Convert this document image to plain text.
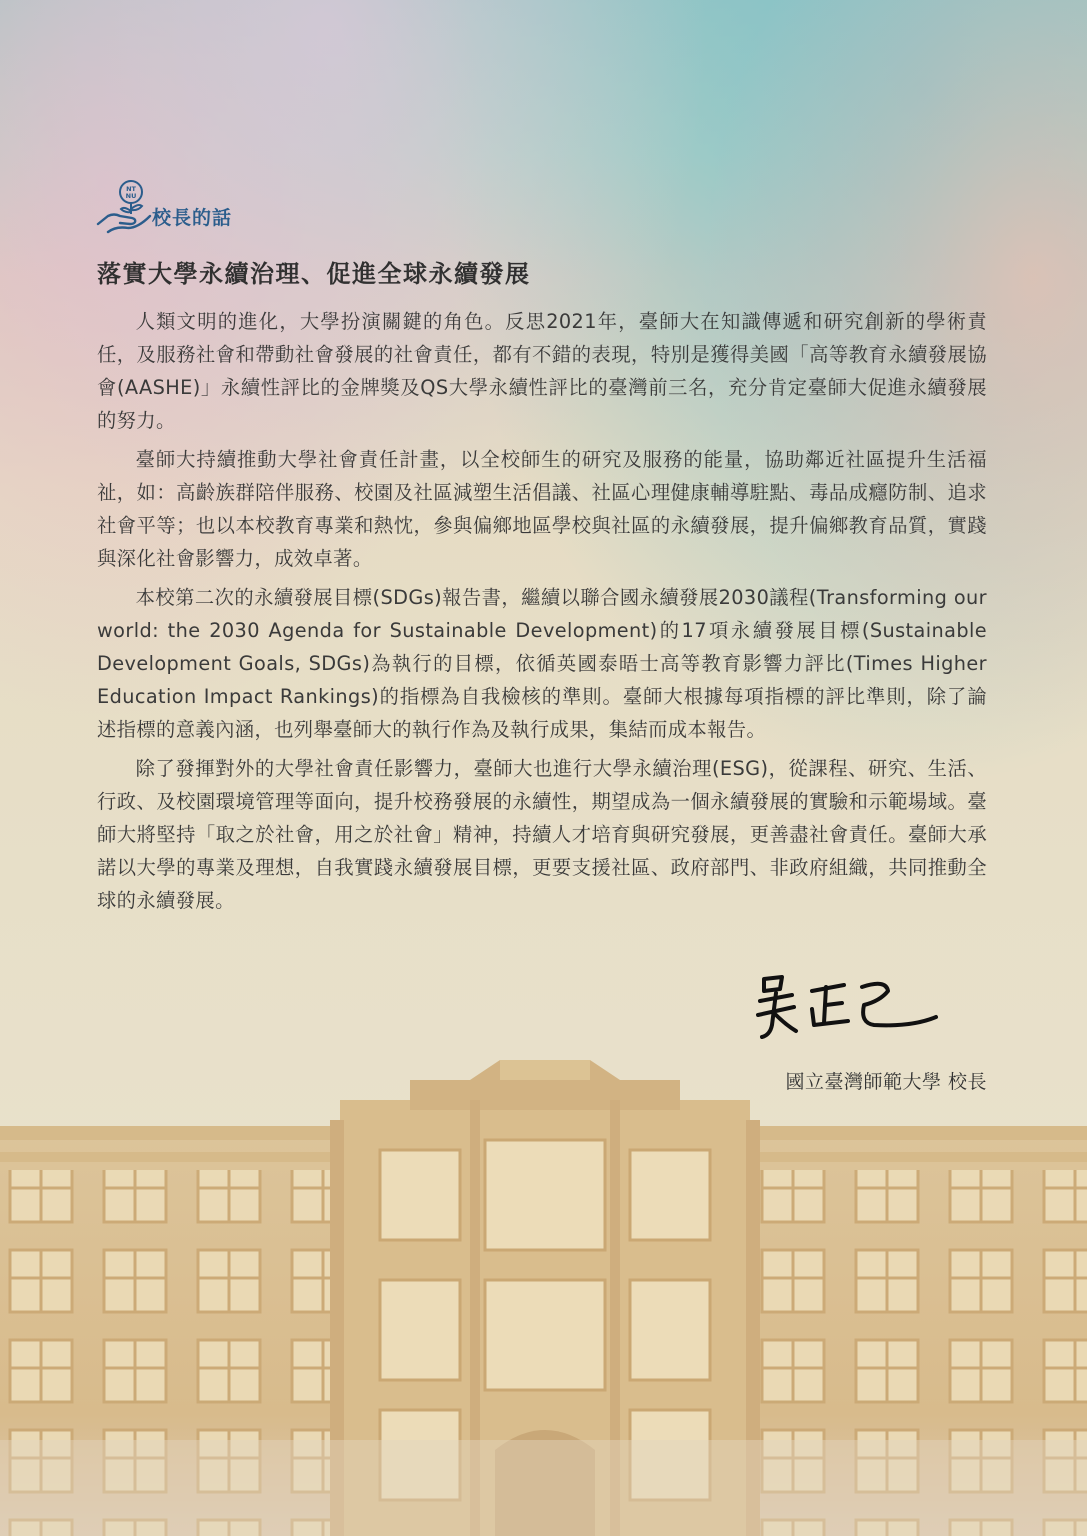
NT
NU
校長的話
落實大學永續治理、促進全球永續發展

人類文明的進化，大學扮演關鍵的角色。反思2021年，臺師大在知識傳遞和研究創新的學術責任，及服務社會和帶動社會發展的社會責任，都有不錯的表現，特別是獲得美國「高等教育永續發展協會(AASHE)」永續性評比的金牌獎及QS大學永續性評比的臺灣前三名，充分肯定臺師大促進永續發展的努力。

臺師大持續推動大學社會責任計畫，以全校師生的研究及服務的能量，協助鄰近社區提升生活福祉，如：高齡族群陪伴服務、校園及社區減塑生活倡議、社區心理健康輔導駐點、毒品成癮防制、追求社會平等；也以本校教育專業和熱忱，參與偏鄉地區學校與社區的永續發展，提升偏鄉教育品質，實踐與深化社會影響力，成效卓著。

本校第二次的永續發展目標(SDGs)報告書，繼續以聯合國永續發展2030議程(Transforming our world: the 2030 Agenda for Sustainable Development)的17項永續發展目標(Sustainable Development Goals, SDGs)為執行的目標，依循英國泰晤士高等教育影響力評比(Times Higher Education Impact Rankings)的指標為自我檢核的準則。臺師大根據每項指標的評比準則，除了論述指標的意義內涵，也列舉臺師大的執行作為及執行成果，集結而成本報告。

除了發揮對外的大學社會責任影響力，臺師大也進行大學永續治理(ESG)，從課程、研究、生活、行政、及校園環境管理等面向，提升校務發展的永續性，期望成為一個永續發展的實驗和示範場域。臺師大將堅持「取之於社會，用之於社會」精神，持續人才培育與研究發展，更善盡社會責任。臺師大承諾以大學的專業及理想，自我實踐永續發展目標，更要支援社區、政府部門、非政府組織，共同推動全球的永續發展。

國立臺灣師範大學 校長
